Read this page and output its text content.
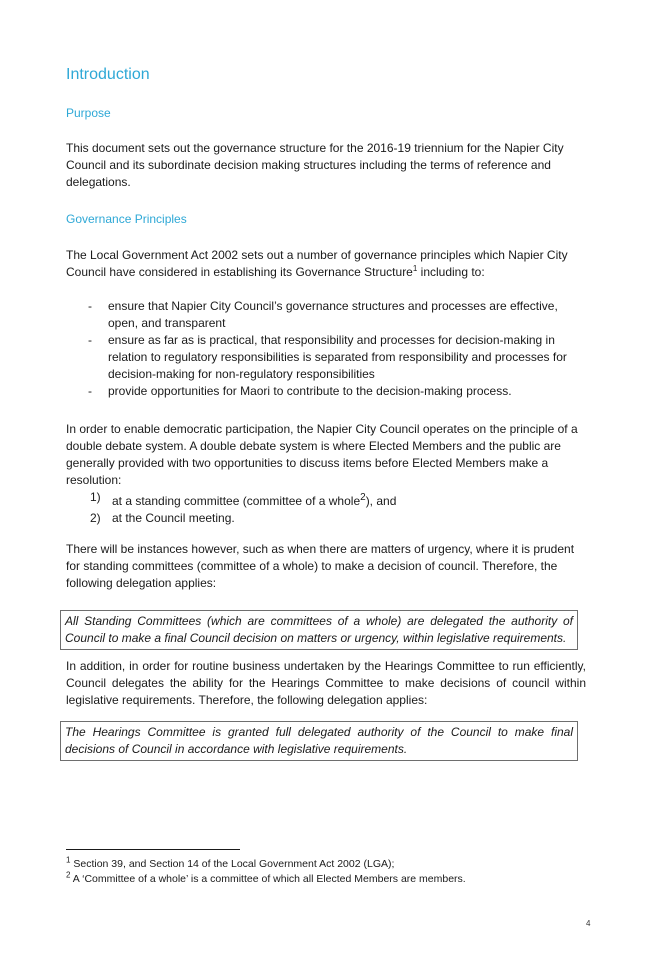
Introduction
Purpose

This document sets out the governance structure for the 2016-19 triennium for the Napier City Council and its subordinate decision making structures including the terms of reference and delegations.

Governance Principles

The Local Government Act 2002 sets out a number of governance principles which Napier City Council have considered in establishing its Governance Structure$^1$ including to:

- ensure that Napier City Council’s governance structures and processes are effective, open, and transparent
- ensure as far as is practical, that responsibility and processes for decision-making in relation to regulatory responsibilities is separated from responsibility and processes for decision-making for non-regulatory responsibilities
- provide opportunities for Maori to contribute to the decision-making process.

In order to enable democratic participation, the Napier City Council operates on the principle of a double debate system. A double debate system is where Elected Members and the public are generally provided with two opportunities to discuss items before Elected Members make a resolution:

1) at a standing committee (committee of a whole$^2$), and
2) at the Council meeting.

There will be instances however, such as when there are matters of urgency, where it is prudent for standing committees (committee of a whole) to make a decision of council. Therefore, the following delegation applies:

In addition, in order for routine business undertaken by the Hearings Committee to run efficiently, Council delegates the ability for the Hearings Committee to make decisions of council within legislative requirements. Therefore, the following delegation applies:

All Standing Committees (which are committees of a whole) are delegated the authority of Council to make a final Council decision on matters or urgency, within legislative requirements.
The Hearings Committee is granted full delegated authority of the Council to make final decisions of Council in accordance with legislative requirements.
$^1$ Section 39, and Section 14 of the Local Government Act 2002 (LGA);
$^2$ A ‘Committee of a whole’ is a committee of which all Elected Members are members.
4
